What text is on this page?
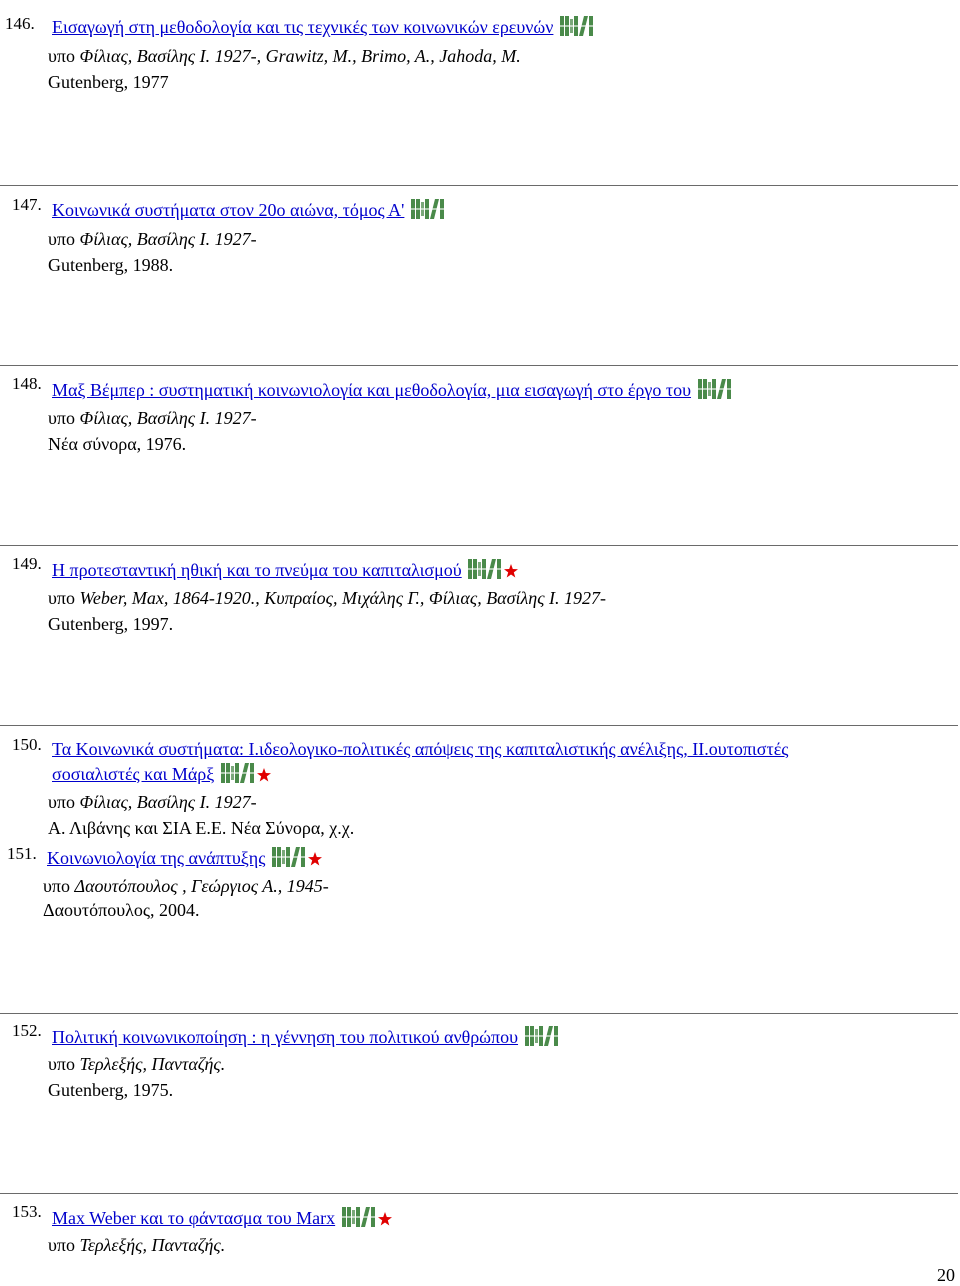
146. Εισαγωγή στη μεθοδολογία και τις τεχνικές των κοινωνικών ερευνών
υπο Φίλιας, Βασίλης Ι. 1927-, Grawitz, M., Brimo, A., Jahoda, M.
Gutenberg, 1977
147. Κοινωνικά συστήματα στον 20ο αιώνα, τόμος Α'
υπο Φίλιας, Βασίλης Ι. 1927-
Gutenberg, 1988.
148. Μαξ Βέμπερ : συστηματική κοινωνιολογία και μεθοδολογία, μια εισαγωγή στο έργο του
υπο Φίλιας, Βασίλης Ι. 1927-
Νέα σύνορα, 1976.
149. Η προτεσταντική ηθική και το πνεύμα του καπιταλισμού
υπο Weber, Max, 1864-1920., Κυπραίος, Μιχάλης Γ., Φίλιας, Βασίλης Ι. 1927-
Gutenberg, 1997.
150. Τα Κοινωνικά συστήματα: Ι.ιδεολογικο-πολιτικές απόψεις της καπιταλιστικής ανέλιξης, ΙΙ.ουτοπιστές
σοσιαλιστές και Μάρξ
υπο Φίλιας, Βασίλης Ι. 1927-
Α. Λιβάνης και ΣΙΑ Ε.Ε. Νέα Σύνορα, χ.χ.
151. Κοινωνιολογία της ανάπτυξης
υπο Δαουτόπουλος , Γεώργιος Α., 1945-
Δαουτόπουλος, 2004.
152. Πολιτική κοινωνικοποίηση : η γέννηση του πολιτικού ανθρώπου
υπο Τερλεξής, Πανταζής.
Gutenberg, 1975.
153. Max Weber και το φάντασμα του Marx
υπο Τερλεξής, Πανταζής.
20
